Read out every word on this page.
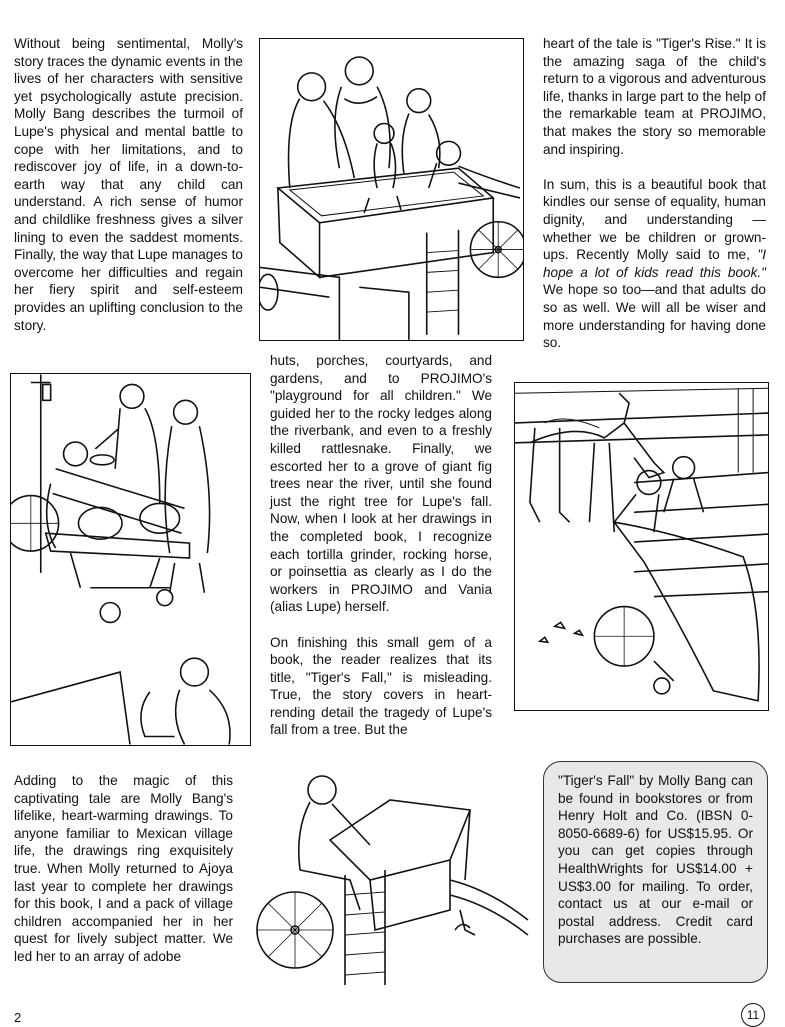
Without being sentimental, Molly's story traces the dynamic events in the lives of her characters with sensitive yet psychologically astute precision. Molly Bang describes the turmoil of Lupe's physical and mental battle to cope with her limitations, and to rediscover joy of life, in a down-to-earth way that any child can understand. A rich sense of humor and childlike freshness gives a silver lining to even the saddest moments. Finally, the way that Lupe manages to overcome her difficulties and regain her fiery spirit and self-esteem provides an uplifting conclusion to the story.

heart of the tale is "Tiger's Rise." It is the amazing saga of the child's return to a vigorous and adventurous life, thanks in large part to the help of the remarkable team at PROJIMO, that makes the story so memorable and inspiring.

In sum, this is a beautiful book that kindles our sense of equality, human dignity, and understanding —whether we be children or grown-ups. Recently Molly said to me, "I hope a lot of kids read this book." We hope so too—and that adults do so as well. We will all be wiser and more understanding for having done so.

huts, porches, courtyards, and gardens, and to PROJIMO's "playground for all children." We guided her to the rocky ledges along the riverbank, and even to a freshly killed rattlesnake. Finally, we escorted her to a grove of giant fig trees near the river, until she found just the right tree for Lupe's fall. Now, when I look at her drawings in the completed book, I recognize each tortilla grinder, rocking horse, or poinsettia as clearly as I do the workers in PROJIMO and Vania (alias Lupe) herself.

On finishing this small gem of a book, the reader realizes that its title, "Tiger's Fall," is misleading. True, the story covers in heart-rending detail the tragedy of Lupe's fall from a tree. But the

Adding to the magic of this captivating tale are Molly Bang's lifelike, heart-warming drawings. To anyone familiar to Mexican village life, the drawings ring exquisitely true. When Molly returned to Ajoya last year to complete her drawings for this book, I and a pack of village children accompanied her in her quest for lively subject matter. We led her to an array of adobe

"Tiger's Fall" by Molly Bang can be found in bookstores or from Henry Holt and Co. (IBSN 0-8050-6689-6) for US$15.95. Or you can get copies through HealthWrights for US$14.00 + US$3.00 for mailing. To order, contact us at our e-mail or postal address. Credit card purchases are possible.
2	11
